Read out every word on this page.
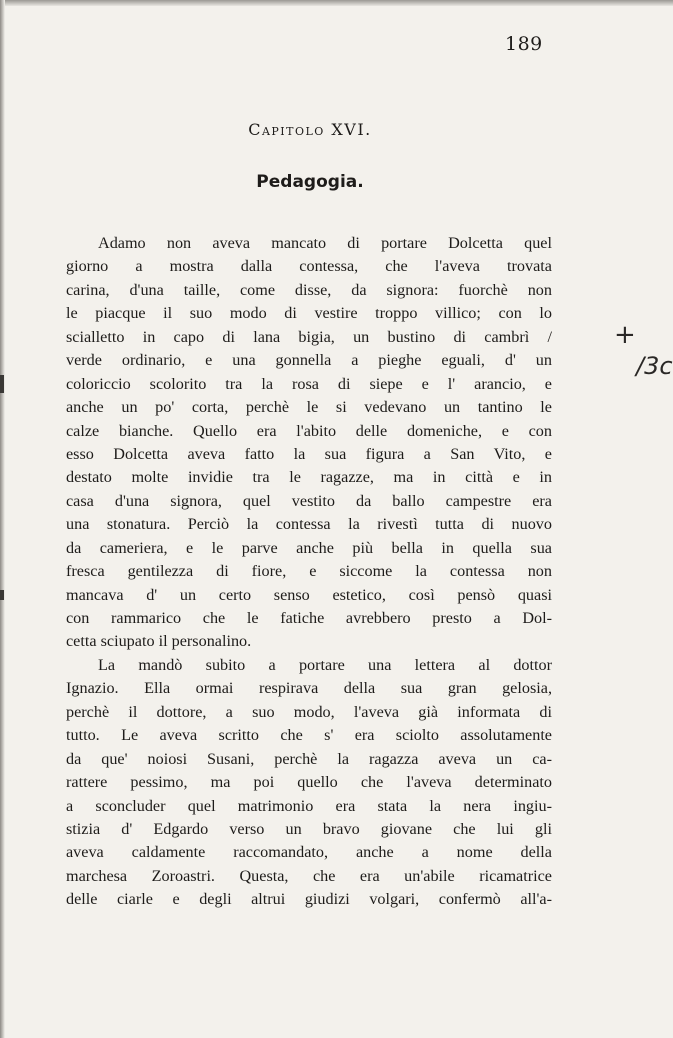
189
Capitolo XVI.
Pedagogia.
Adamo non aveva mancato di portare Dolcetta quel
giorno a mostra dalla contessa, che l'aveva trovata
carina, d'una taille, come disse, da signora: fuorchè non
le piacque il suo modo di vestire troppo villico; con lo
scialletto in capo di lana bigia, un bustino di cambrì /
verde ordinario, e una gonnella a pieghe eguali, d' un
coloriccio scolorito tra la rosa di siepe e l' arancio, e
anche un po' corta, perchè le si vedevano un tantino le
calze bianche. Quello era l'abito delle domeniche, e con
esso Dolcetta aveva fatto la sua figura a San Vito, e
destato molte invidie tra le ragazze, ma in città e in
casa d'una signora, quel vestito da ballo campestre era
una stonatura. Perciò la contessa la rivestì tutta di nuovo
da cameriera, e le parve anche più bella in quella sua
fresca gentilezza di fiore, e siccome la contessa non
mancava d' un certo senso estetico, così pensò quasi
con rammarico che le fatiche avrebbero presto a Dol-
cetta sciupato il personalino.
La mandò subito a portare una lettera al dottor
Ignazio. Ella ormai respirava della sua gran gelosia,
perchè il dottore, a suo modo, l'aveva già informata di
tutto. Le aveva scritto che s' era sciolto assolutamente
da que' noiosi Susani, perchè la ragazza aveva un ca-
rattere pessimo, ma poi quello che l'aveva determinato
a sconcluder quel matrimonio era stata la nera ingiu-
stizia d' Edgardo verso un bravo giovane che lui gli
aveva caldamente raccomandato, anche a nome della
marchesa Zoroastri. Questa, che era un'abile ricamatrice
delle ciarle e degli altrui giudizi volgari, confermò all'a-
+
/3c
